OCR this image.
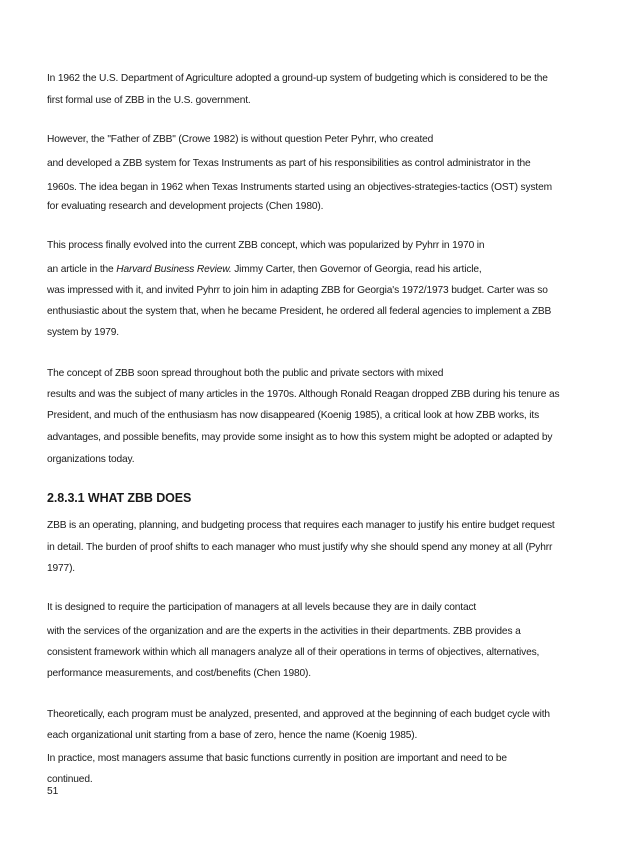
In 1962 the U.S. Department of Agriculture adopted a ground-up system of budgeting which is considered to be the
first formal use of ZBB in the U.S. government.
However, the "Father of ZBB" (Crowe 1982) is without question Peter Pyhrr, who created
and developed a ZBB system for Texas Instruments as part of his responsibilities as control administrator in the
1960s. The idea began in 1962 when Texas Instruments started using an objectives-strategies-tactics (OST) system
for evaluating research and development projects (Chen 1980).
This process finally evolved into the current ZBB concept, which was popularized by Pyhrr in 1970 in
an article in the Harvard Business Review. Jimmy Carter, then Governor of Georgia, read his article,
was impressed with it, and invited Pyhrr to join him in adapting ZBB for Georgia's 1972/1973 budget. Carter was so
enthusiastic about the system that, when he became President, he ordered all federal agencies to implement a ZBB
system by 1979.
The concept of ZBB soon spread throughout both the public and private sectors with mixed
results and was the subject of many articles in the 1970s. Although Ronald Reagan dropped ZBB during his tenure as
President, and much of the enthusiasm has now disappeared (Koenig 1985), a critical look at how ZBB works, its
advantages, and possible benefits, may provide some insight as to how this system might be adopted or adapted by
organizations today.
2.8.3.1 WHAT ZBB DOES
ZBB is an operating, planning, and budgeting process that requires each manager to justify his entire budget request
in detail. The burden of proof shifts to each manager who must justify why she should spend any money at all (Pyhrr
1977).
It is designed to require the participation of managers at all levels because they are in daily contact
with the services of the organization and are the experts in the activities in their departments. ZBB provides a
consistent framework within which all managers analyze all of their operations in terms of objectives, alternatives,
performance measurements, and cost/benefits (Chen 1980).
Theoretically, each program must be analyzed, presented, and approved at the beginning of each budget cycle with
each organizational unit starting from a base of zero, hence the name (Koenig 1985).
In practice, most managers assume that basic functions currently in position are important and need to be
continued.
51
